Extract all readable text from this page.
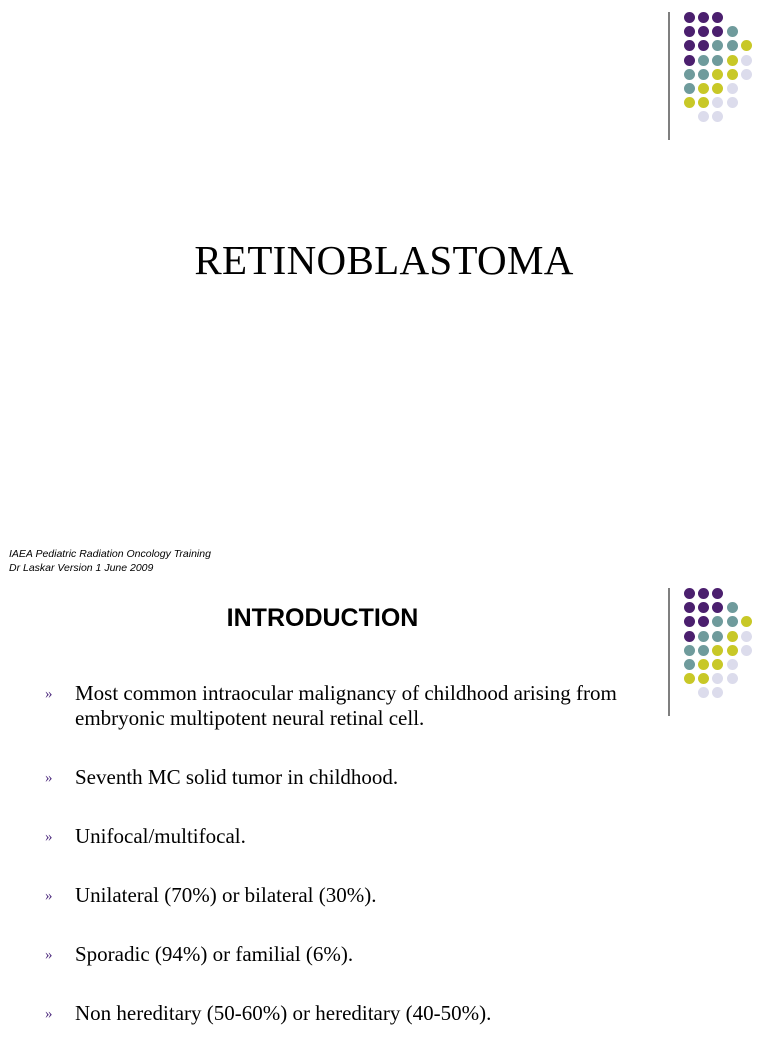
RETINOBLASTOMA
IAEA Pediatric Radiation Oncology Training
Dr Laskar Version 1 June 2009
INTRODUCTION
» Most common intraocular malignancy of childhood arising from embryonic multipotent neural retinal cell.
» Seventh MC solid tumor in childhood.
» Unifocal/multifocal.
» Unilateral (70%) or bilateral (30%).
» Sporadic (94%) or familial (6%).
» Non hereditary (50-60%) or hereditary (40-50%).
